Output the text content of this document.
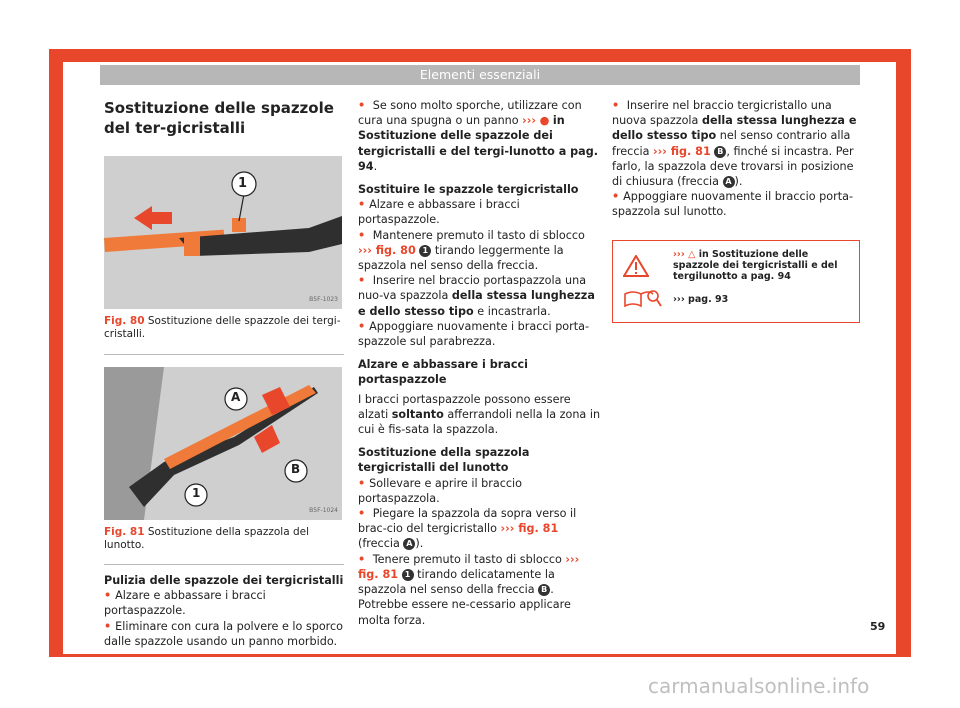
Elementi essenziali
Sostituzione delle spazzole del ter-gicristalli
1
B5F-1023
Fig. 80 Sostituzione delle spazzole dei tergi-cristalli.
A
B
1
B5F-1024
Fig. 81 Sostituzione della spazzola del lunotto.

Pulizia delle spazzole dei tergicristalli

• Alzare e abbassare i bracci portaspazzole.

• Eliminare con cura la polvere e lo sporco dalle spazzole usando un panno morbido.

• Se sono molto sporche, utilizzare con cura una spugna o un panno ››› ● in Sostituzione delle spazzole dei tergicristalli e del tergi-lunotto a pag. 94.

Sostituire le spazzole tergicristallo

• Alzare e abbassare i bracci portaspazzole.

• Mantenere premuto il tasto di sblocco ››› fig. 80 1 tirando leggermente la spazzola nel senso della freccia.

• Inserire nel braccio portaspazzola una nuo-va spazzola della stessa lunghezza e dello stesso tipo e incastrarla.

• Appoggiare nuovamente i bracci porta-spazzole sul parabrezza.

Alzare e abbassare i bracci portaspazzole

I bracci portaspazzole possono essere alzati soltanto afferrandoli nella la zona in cui è fis-sata la spazzola.

Sostituzione della spazzola tergicristalli del lunotto

• Sollevare e aprire il braccio portaspazzola.

• Piegare la spazzola da sopra verso il brac-cio del tergicristallo ››› fig. 81 (freccia A ).

• Tenere premuto il tasto di sblocco ››› fig. 81 1 tirando delicatamente la spazzola nel senso della freccia B . Potrebbe essere ne-cessario applicare molta forza.

• Inserire nel braccio tergicristallo una nuova spazzola della stessa lunghezza e dello stesso tipo nel senso contrario alla freccia ››› fig. 81 B , finché si incastra. Per farlo, la spazzola deve trovarsi in posizione di chiusura (freccia A ).

• Appoggiare nuovamente il braccio porta-spazzola sul lunotto.

››› △ in Sostituzione delle spazzole dei tergicristalli e del tergilunotto a pag. 94
››› pag. 93
59
carmanualsonline.info
